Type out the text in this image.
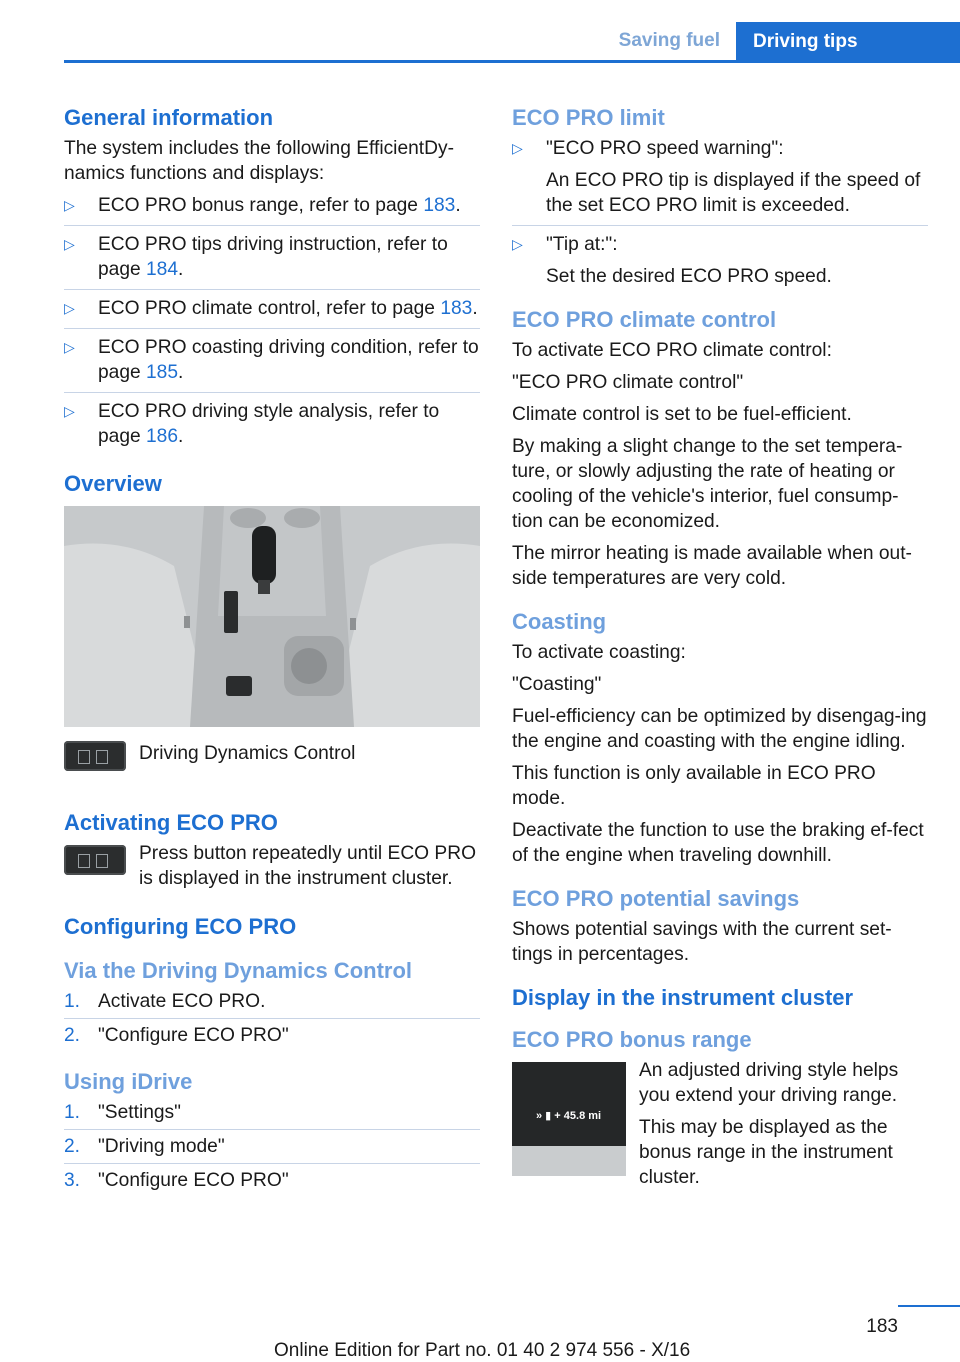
Saving fuel	Driving tips
General information

The system includes the following EfficientDy-namics functions and displays:

▷ ECO PRO bonus range, refer to page 183.
▷ ECO PRO tips driving instruction, refer to page 184.
▷ ECO PRO climate control, refer to page 183.
▷ ECO PRO coasting driving condition, refer to page 185.
▷ ECO PRO driving style analysis, refer to page 186.
Overview
Driving Dynamics Control
Activating ECO PRO
Press button repeatedly until ECO PRO is displayed in the instrument cluster.
Configuring ECO PRO
Via the Driving Dynamics Control
1. Activate ECO PRO.
2. "Configure ECO PRO"
Using iDrive
1. "Settings"
2. "Driving mode"
3. "Configure ECO PRO"
ECO PRO limit
▷ "ECO PRO speed warning":
An ECO PRO tip is displayed if the speed of the set ECO PRO limit is exceeded.
▷ "Tip at:":
Set the desired ECO PRO speed.
ECO PRO climate control

To activate ECO PRO climate control:

"ECO PRO climate control"

Climate control is set to be fuel-efficient.

By making a slight change to the set tempera-ture, or slowly adjusting the rate of heating or cooling of the vehicle's interior, fuel consump-tion can be economized.

The mirror heating is made available when out-side temperatures are very cold.

Coasting

To activate coasting:

"Coasting"

Fuel-efficiency can be optimized by disengag-ing the engine and coasting with the engine idling.

This function is only available in ECO PRO mode.

Deactivate the function to use the braking ef-fect of the engine when traveling downhill.

ECO PRO potential savings

Shows potential savings with the current set-tings in percentages.

Display in the instrument cluster
ECO PRO bonus range
» ▮ + 45.8 mi

An adjusted driving style helps you extend your driving range.

This may be displayed as the bonus range in the instrument cluster.

183
Online Edition for Part no. 01 40 2 974 556 - X/16
